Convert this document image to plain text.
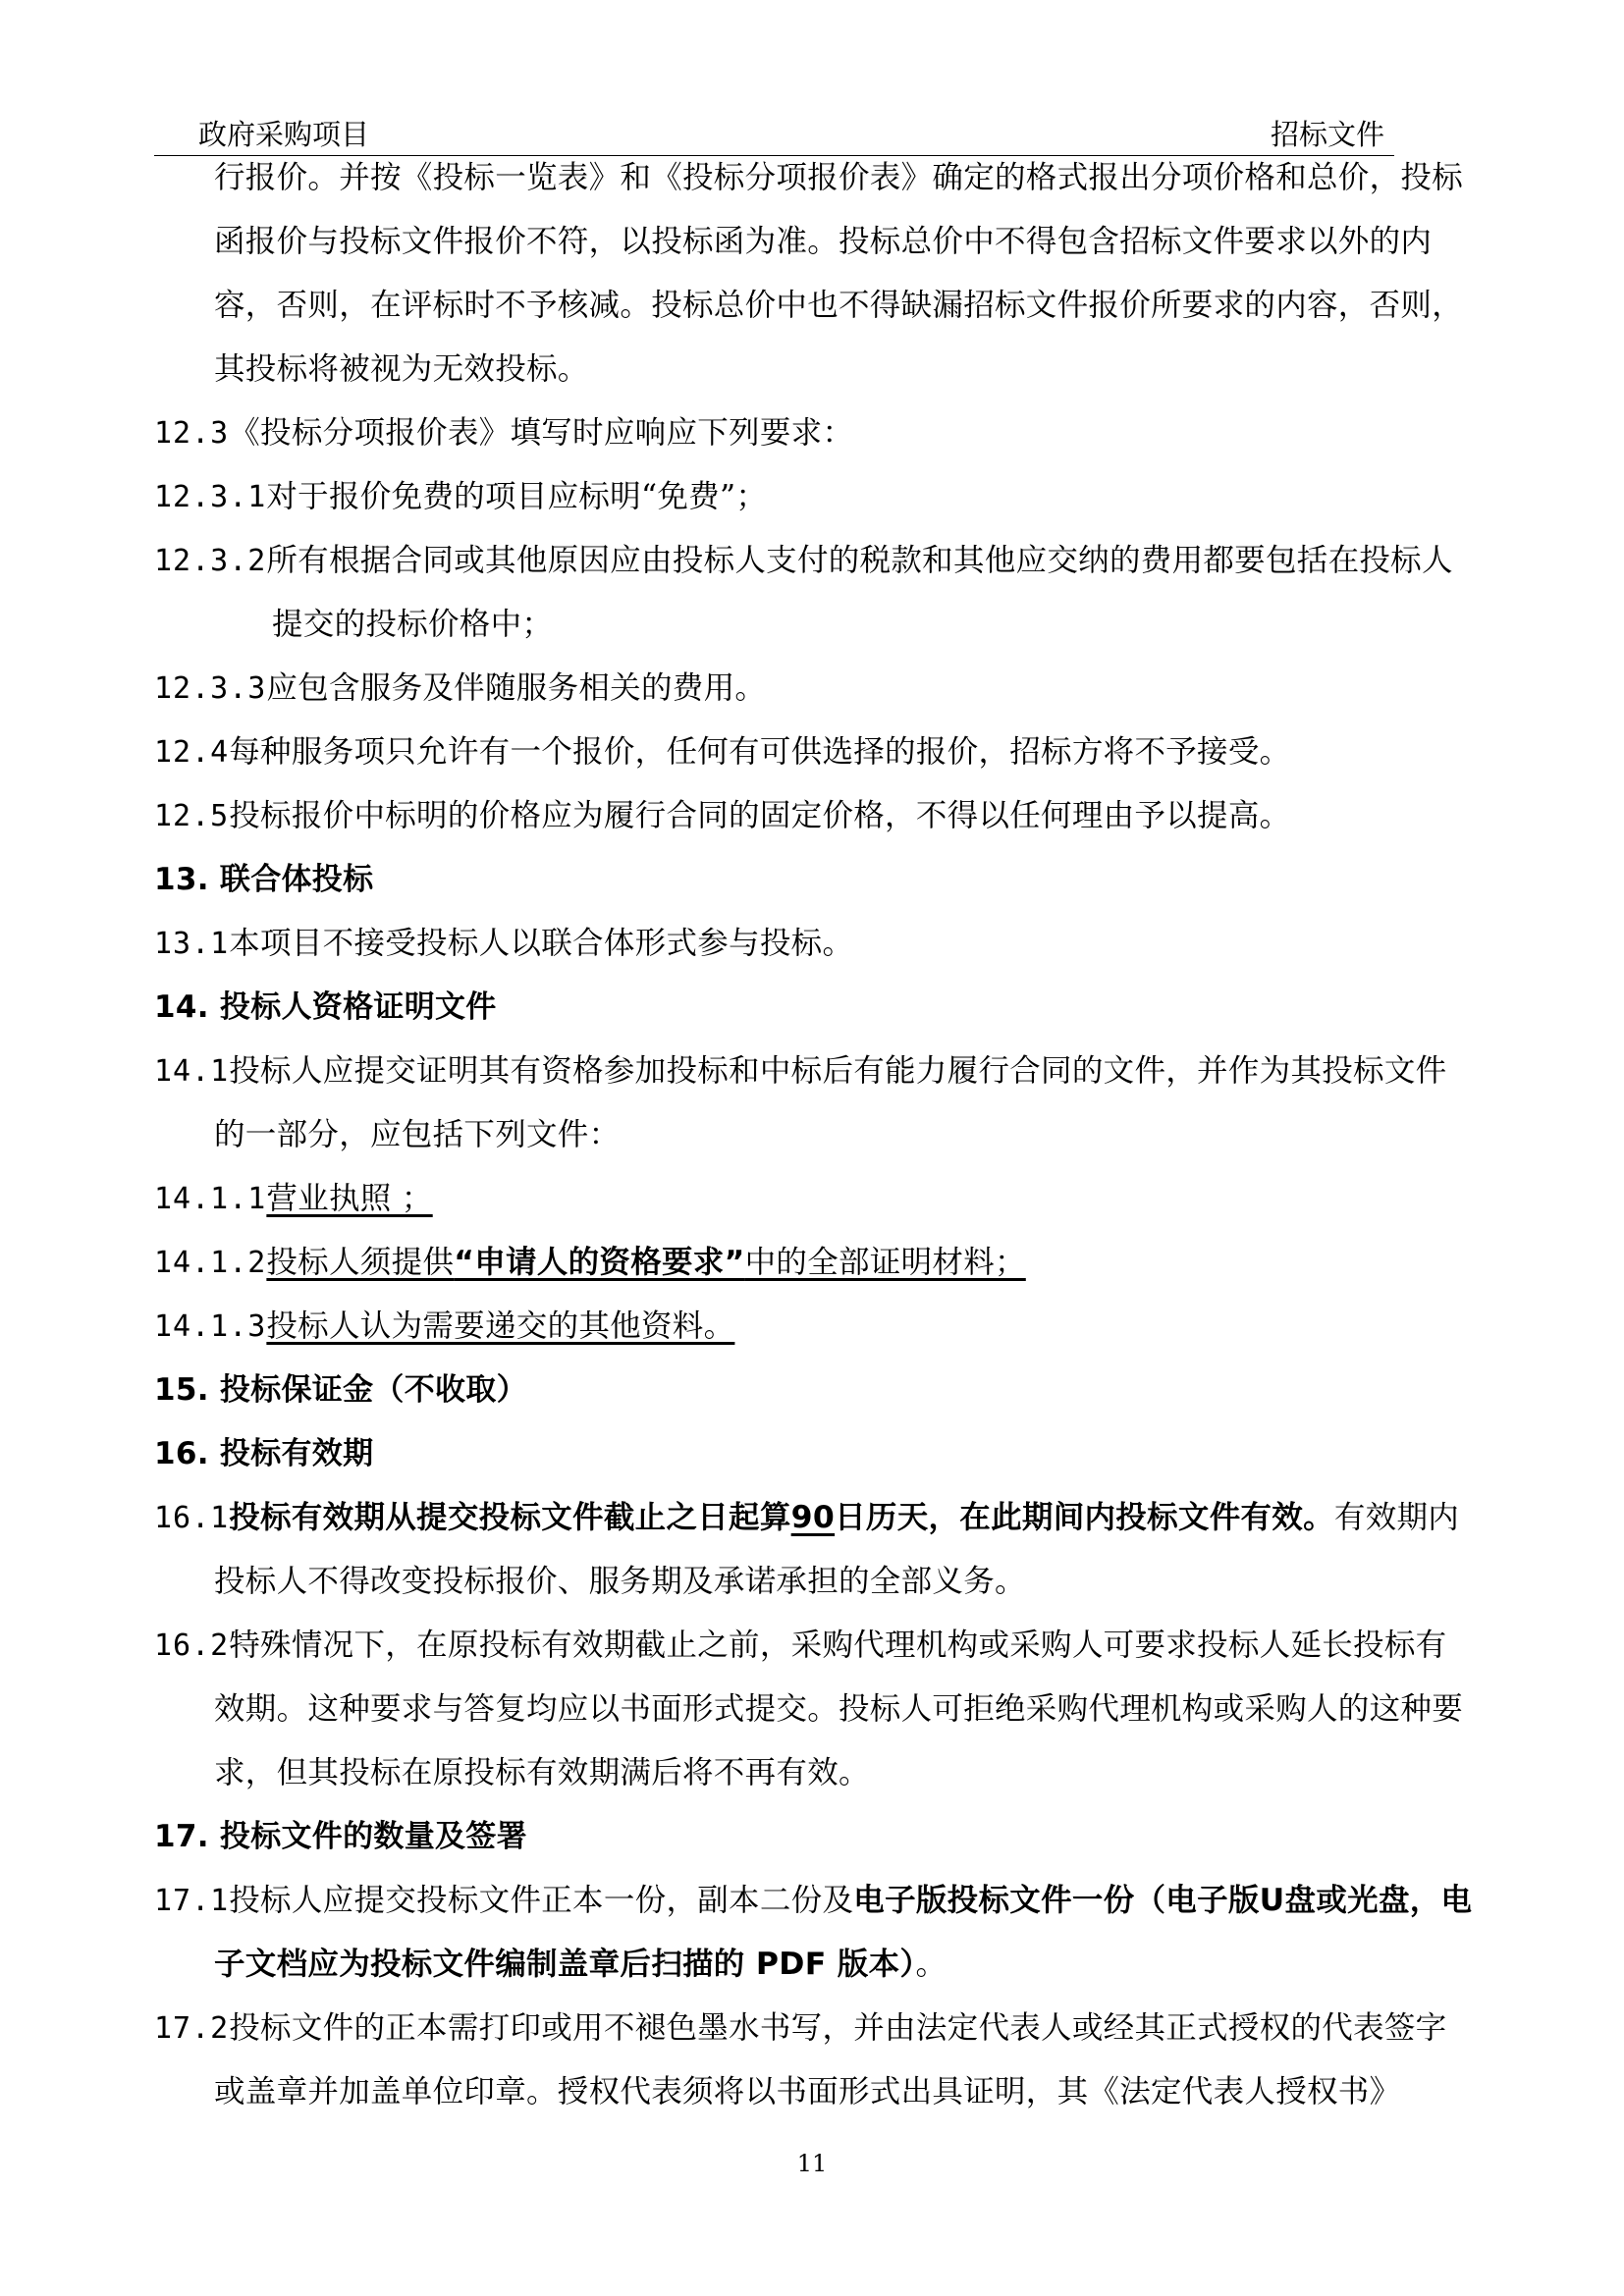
政府采购项目	招标文件

行报价。并按《投标一览表》和《投标分项报价表》确定的格式报出分项价格和总价，投标函报价与投标文件报价不符，以投标函为准。投标总价中不得包含招标文件要求以外的内容，否则，在评标时不予核减。投标总价中也不得缺漏招标文件报价所要求的内容，否则，其投标将被视为无效投标。

12.3《投标分项报价表》填写时应响应下列要求：

12.3.1对于报价免费的项目应标明“免费”；

12.3.2所有根据合同或其他原因应由投标人支付的税款和其他应交纳的费用都要包括在投标人提交的投标价格中；

12.3.3应包含服务及伴随服务相关的费用。

12.4每种服务项只允许有一个报价，任何有可供选择的报价，招标方将不予接受。

12.5投标报价中标明的价格应为履行合同的固定价格，不得以任何理由予以提高。

13. 联合体投标

13.1本项目不接受投标人以联合体形式参与投标。

14. 投标人资格证明文件

14.1投标人应提交证明其有资格参加投标和中标后有能力履行合同的文件，并作为其投标文件的一部分，应包括下列文件：

14.1.1营业执照 ；

14.1.2投标人须提供“申请人的资格要求”中的全部证明材料；

14.1.3投标人认为需要递交的其他资料。

15. 投标保证金（不收取）

16. 投标有效期

16.1投标有效期从提交投标文件截止之日起算90日历天，在此期间内投标文件有效。有效期内投标人不得改变投标报价、服务期及承诺承担的全部义务。

16.2特殊情况下，在原投标有效期截止之前，采购代理机构或采购人可要求投标人延长投标有效期。这种要求与答复均应以书面形式提交。投标人可拒绝采购代理机构或采购人的这种要求，但其投标在原投标有效期满后将不再有效。

17. 投标文件的数量及签署

17.1投标人应提交投标文件正本一份，副本二份及电子版投标文件一份（电子版U盘或光盘，电子文档应为投标文件编制盖章后扫描的 PDF 版本）。

17.2投标文件的正本需打印或用不褪色墨水书写，并由法定代表人或经其正式授权的代表签字或盖章并加盖单位印章。授权代表须将以书面形式出具证明，其《法定代表人授权书》

11
